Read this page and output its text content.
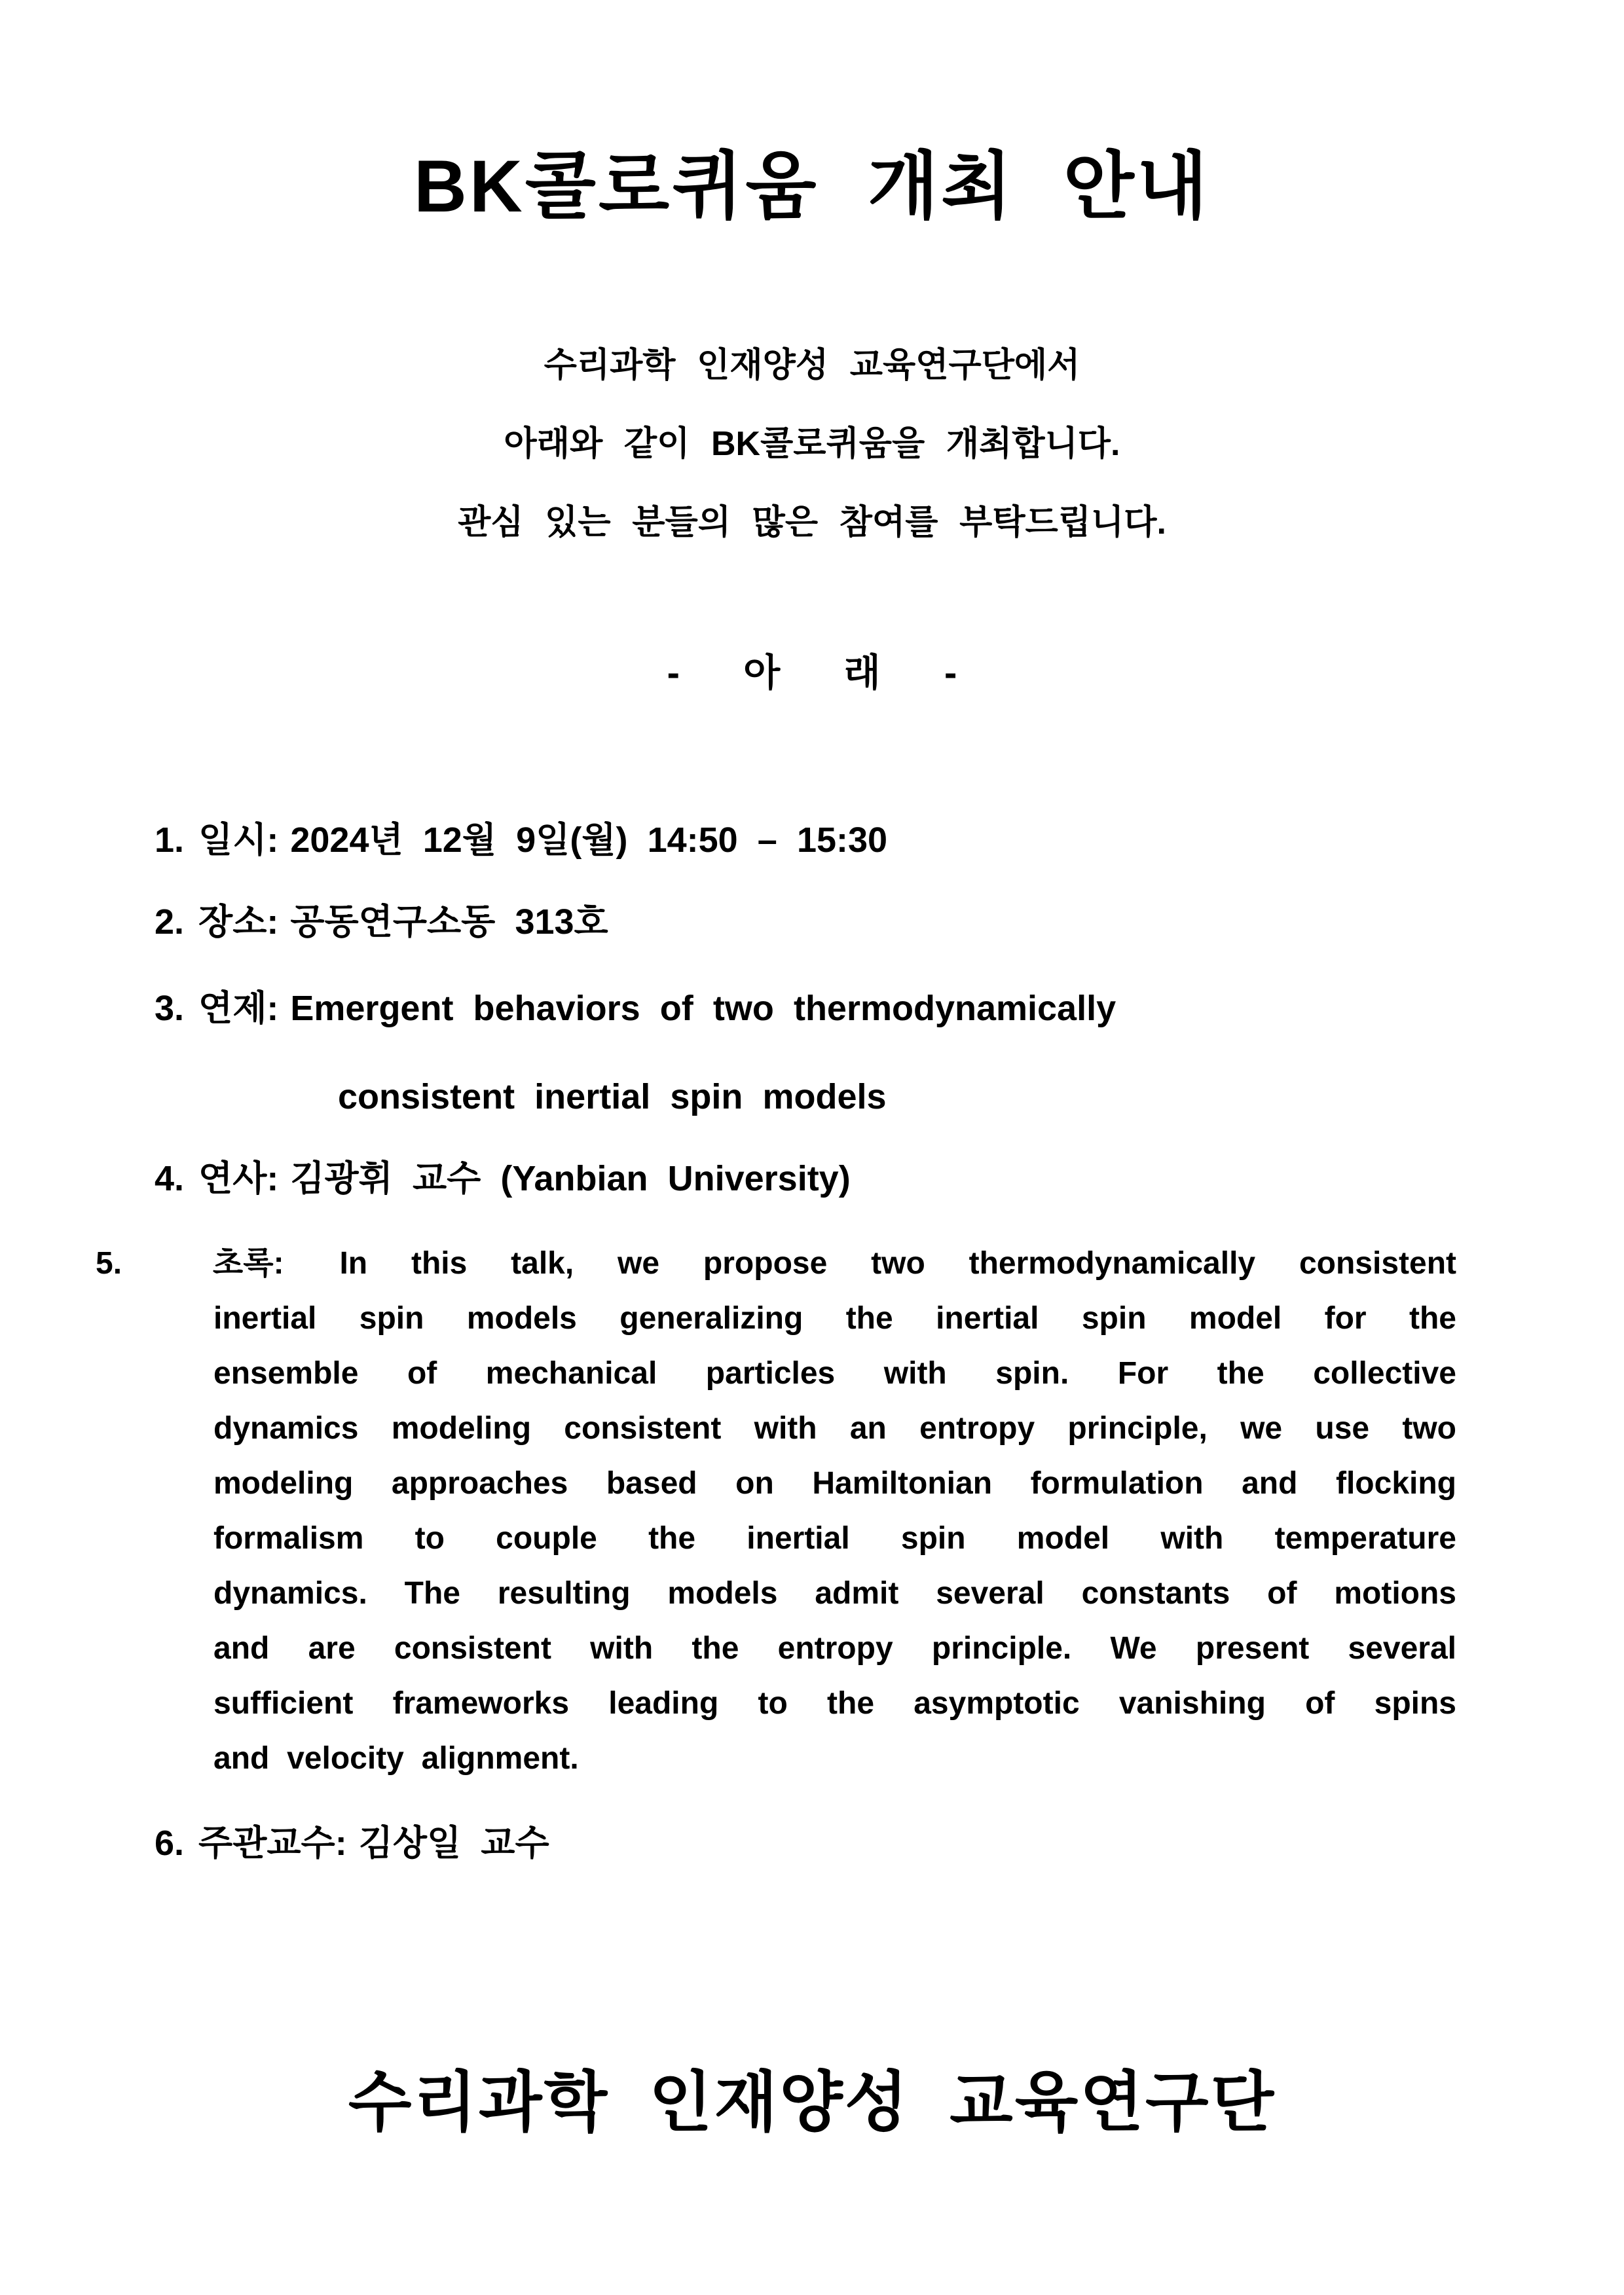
BK콜로퀴움 개최 안내
수리과학 인재양성 교육연구단에서
아래와 같이 BK콜로퀴움을 개최합니다.
관심 있는 분들의 많은 참여를 부탁드립니다.
- 아 래 -
1. 일시: 2024년 12월 9일(월) 14:50 – 15:30
2. 장소: 공동연구소동 313호
3. 연제: Emergent behaviors of two thermodynamically
consistent inertial spin models
4. 연사: 김광휘 교수 (Yanbian University)
5.	초록: In this talk, we propose two thermodynamically consistent
inertial spin models generalizing the inertial spin model for the
ensemble of mechanical particles with spin. For the collective
dynamics modeling consistent with an entropy principle, we use two
modeling approaches based on Hamiltonian formulation and flocking
formalism to couple the inertial spin model with temperature
dynamics. The resulting models admit several constants of motions
and are consistent with the entropy principle. We present several
sufficient frameworks leading to the asymptotic vanishing of spins
and velocity alignment.
6. 주관교수: 김상일 교수
수리과학 인재양성 교육연구단
